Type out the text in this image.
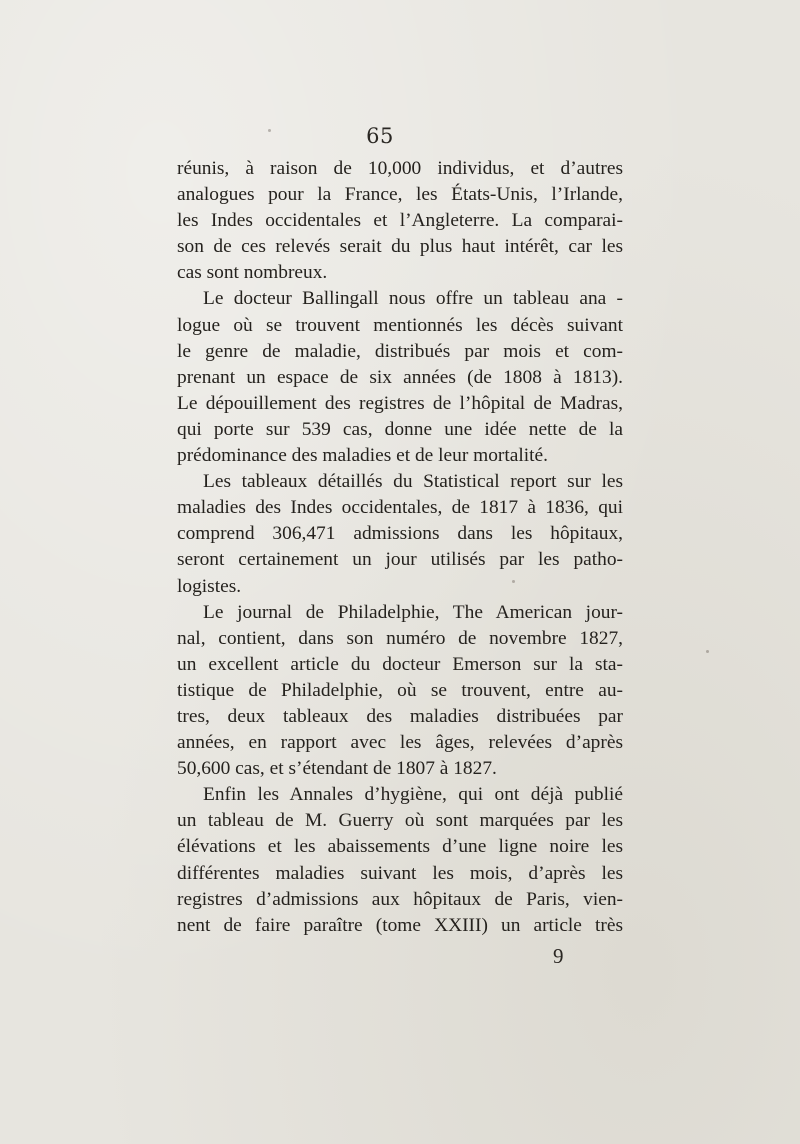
65
réunis, à raison de 10,000 individus, et d’autres
analogues pour la France, les États-Unis, l’Irlande,
les Indes occidentales et l’Angleterre. La comparai-
son de ces relevés serait du plus haut intérêt, car les
cas sont nombreux.
Le docteur Ballingall nous offre un tableau ana -
logue où se trouvent mentionnés les décès suivant
le genre de maladie, distribués par mois et com-
prenant un espace de six années (de 1808 à 1813).
Le dépouillement des registres de l’hôpital de Madras,
qui porte sur 539 cas, donne une idée nette de la
prédominance des maladies et de leur mortalité.
Les tableaux détaillés du Statistical report sur les
maladies des Indes occidentales, de 1817 à 1836, qui
comprend 306,471 admissions dans les hôpitaux,
seront certainement un jour utilisés par les patho-
logistes.
Le journal de Philadelphie, The American jour-
nal, contient, dans son numéro de novembre 1827,
un excellent article du docteur Emerson sur la sta-
tistique de Philadelphie, où se trouvent, entre au-
tres, deux tableaux des maladies distribuées par
années, en rapport avec les âges, relevées d’après
50,600 cas, et s’étendant de 1807 à 1827.
Enfin les Annales d’hygiène, qui ont déjà publié
un tableau de M. Guerry où sont marquées par les
élévations et les abaissements d’une ligne noire les
différentes maladies suivant les mois, d’après les
registres d’admissions aux hôpitaux de Paris, vien-
nent de faire paraître (tome XXIII) un article très
9
